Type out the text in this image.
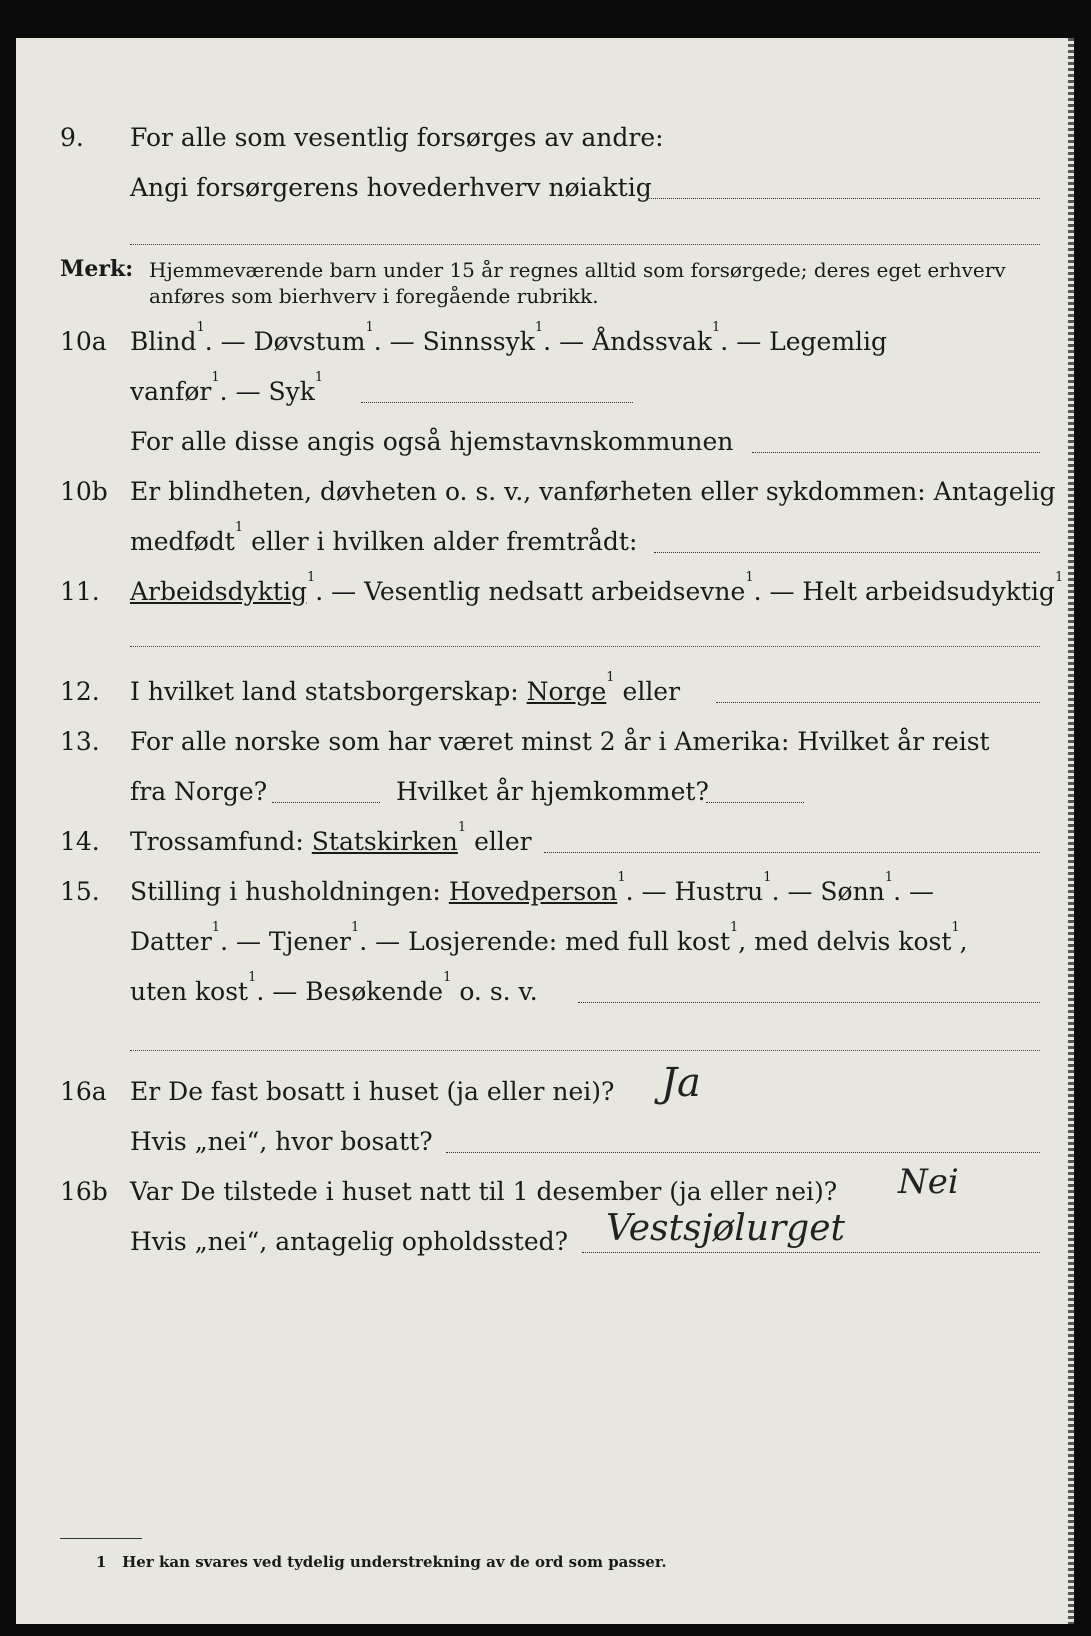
9. For alle som vesentlig forsørges av andre:
Angi forsørgerens hovederhverv nøiaktig
Merk: Hjemmeværende barn under 15 år regnes alltid som forsørgede; deres eget erhverv
anføres som bierhverv i foregående rubrikk.
10a Blind$^1$. — Døvstum$^1$. — Sinnssyk$^1$. — Åndssvak$^1$. — Legemlig
vanfør$^1$. — Syk$^1$
For alle disse angis også hjemstavnskommunen
10b Er blindheten, døvheten o. s. v., vanførheten eller sykdommen: Antagelig
medfødt$^1$ eller i hvilken alder fremtrådt:
11. Arbeidsdyktig$^1$. — Vesentlig nedsatt arbeidsevne$^1$. — Helt arbeidsudyktig$^1$
12. I hvilket land statsborgerskap: Norge$^1$ eller
13. For alle norske som har været minst 2 år i Amerika: Hvilket år reist
fra Norge?	Hvilket år hjemkommet?
14. Trossamfund: Statskirken$^1$ eller
15. Stilling i husholdningen: Hovedperson$^1$. — Hustru$^1$. — Sønn$^1$. —
Datter$^1$. — Tjener$^1$. — Losjerende: med full kost$^1$, med delvis kost$^1$,
uten kost$^1$. — Besøkende$^1$ o. s. v.
16a Er De fast bosatt i huset (ja eller nei)? Ja
Hvis „nei“, hvor bosatt?
16b Var De tilstede i huset natt til 1 desember (ja eller nei)? Nei
Hvis „nei“, antagelig opholdssted? Vestsjølurget
1 Her kan svares ved tydelig understrekning av de ord som passer.
